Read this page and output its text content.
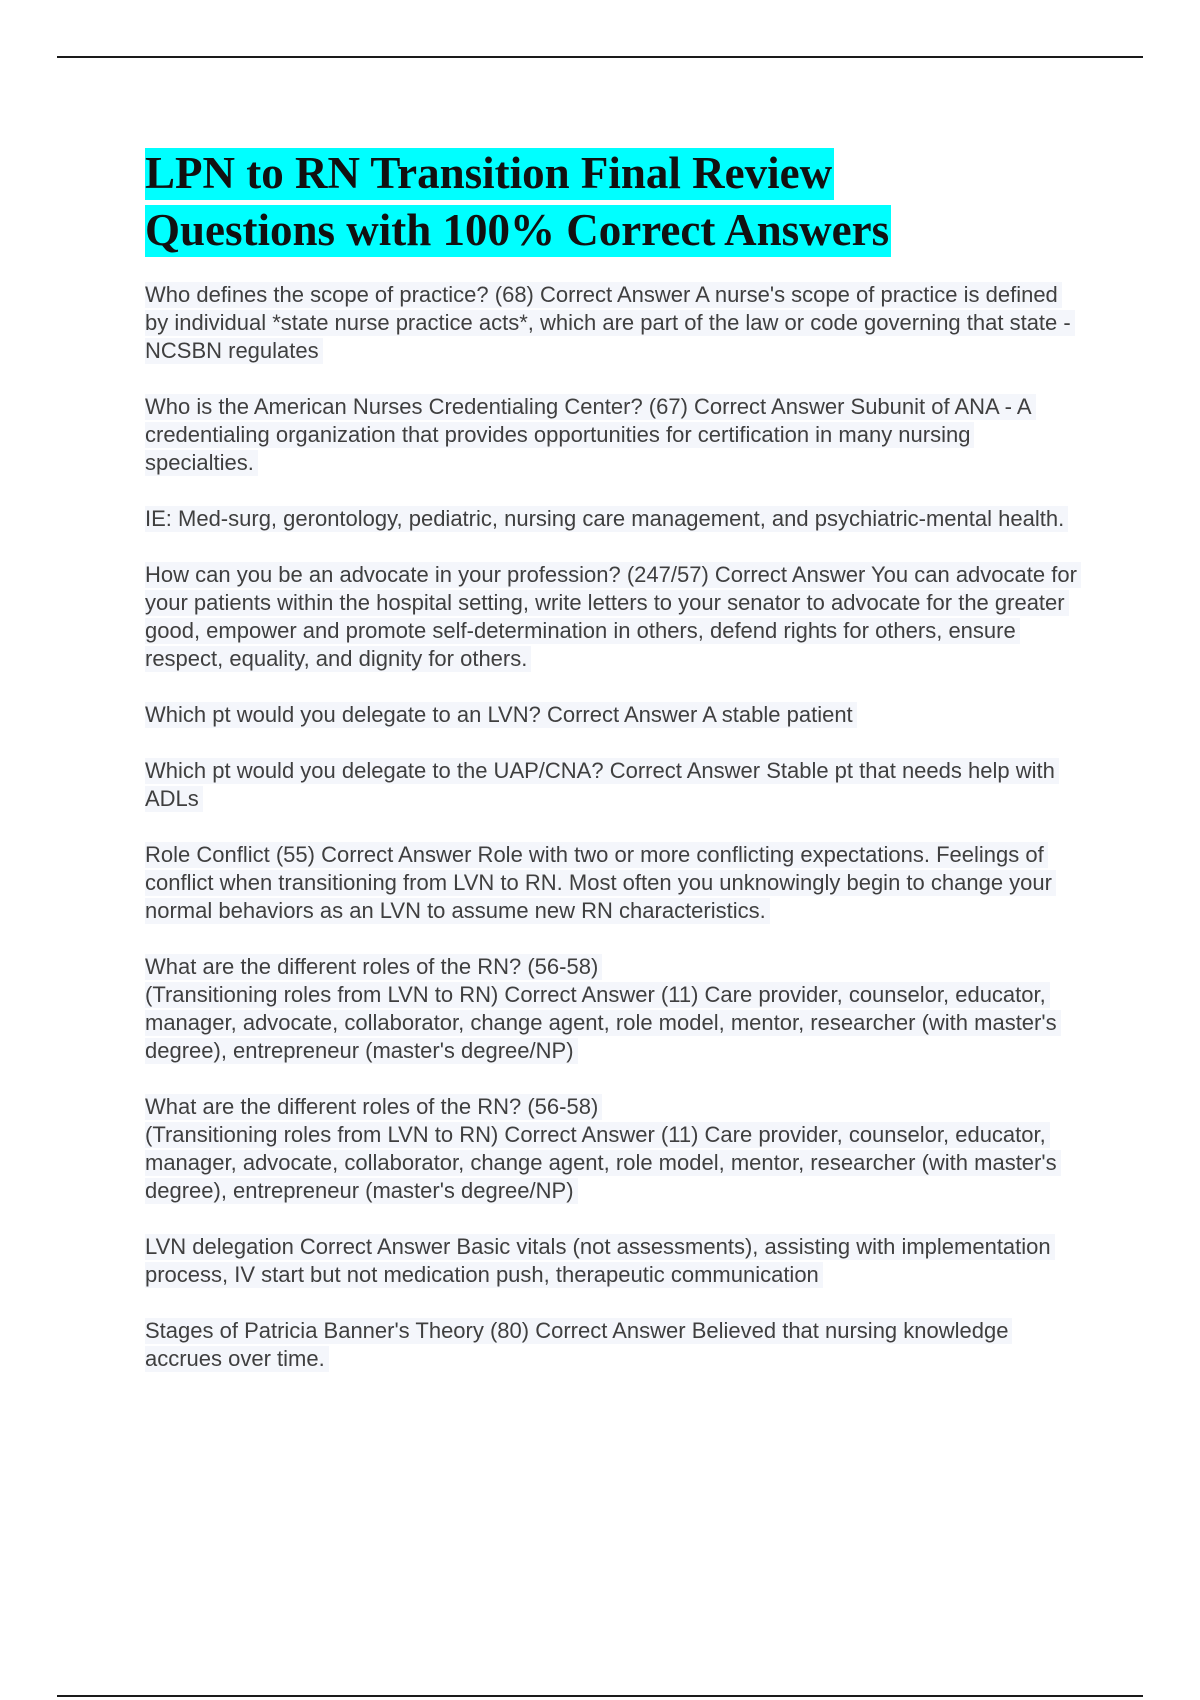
LPN to RN Transition Final Review
Questions with 100% Correct Answers

Who defines the scope of practice? (68) Correct Answer A nurse's scope of practice is defined by individual *state nurse practice acts*, which are part of the law or code governing that state - NCSBN regulates

Who is the American Nurses Credentialing Center? (67) Correct Answer Subunit of ANA - A credentialing organization that provides opportunities for certification in many nursing specialties.

IE: Med-surg, gerontology, pediatric, nursing care management, and psychiatric-mental health.

How can you be an advocate in your profession? (247/57) Correct Answer You can advocate for your patients within the hospital setting, write letters to your senator to advocate for the greater good, empower and promote self-determination in others, defend rights for others, ensure respect, equality, and dignity for others.

Which pt would you delegate to an LVN? Correct Answer A stable patient

Which pt would you delegate to the UAP/CNA? Correct Answer Stable pt that needs help with ADLs

Role Conflict (55) Correct Answer Role with two or more conflicting expectations. Feelings of conflict when transitioning from LVN to RN. Most often you unknowingly begin to change your normal behaviors as an LVN to assume new RN characteristics.

What are the different roles of the RN? (56-58)
(Transitioning roles from LVN to RN) Correct Answer (11) Care provider, counselor, educator, manager, advocate, collaborator, change agent, role model, mentor, researcher (with master's degree), entrepreneur (master's degree/NP)

What are the different roles of the RN? (56-58)
(Transitioning roles from LVN to RN) Correct Answer (11) Care provider, counselor, educator, manager, advocate, collaborator, change agent, role model, mentor, researcher (with master's degree), entrepreneur (master's degree/NP)

LVN delegation Correct Answer Basic vitals (not assessments), assisting with implementation process, IV start but not medication push, therapeutic communication

Stages of Patricia Banner's Theory (80) Correct Answer Believed that nursing knowledge accrues over time.
